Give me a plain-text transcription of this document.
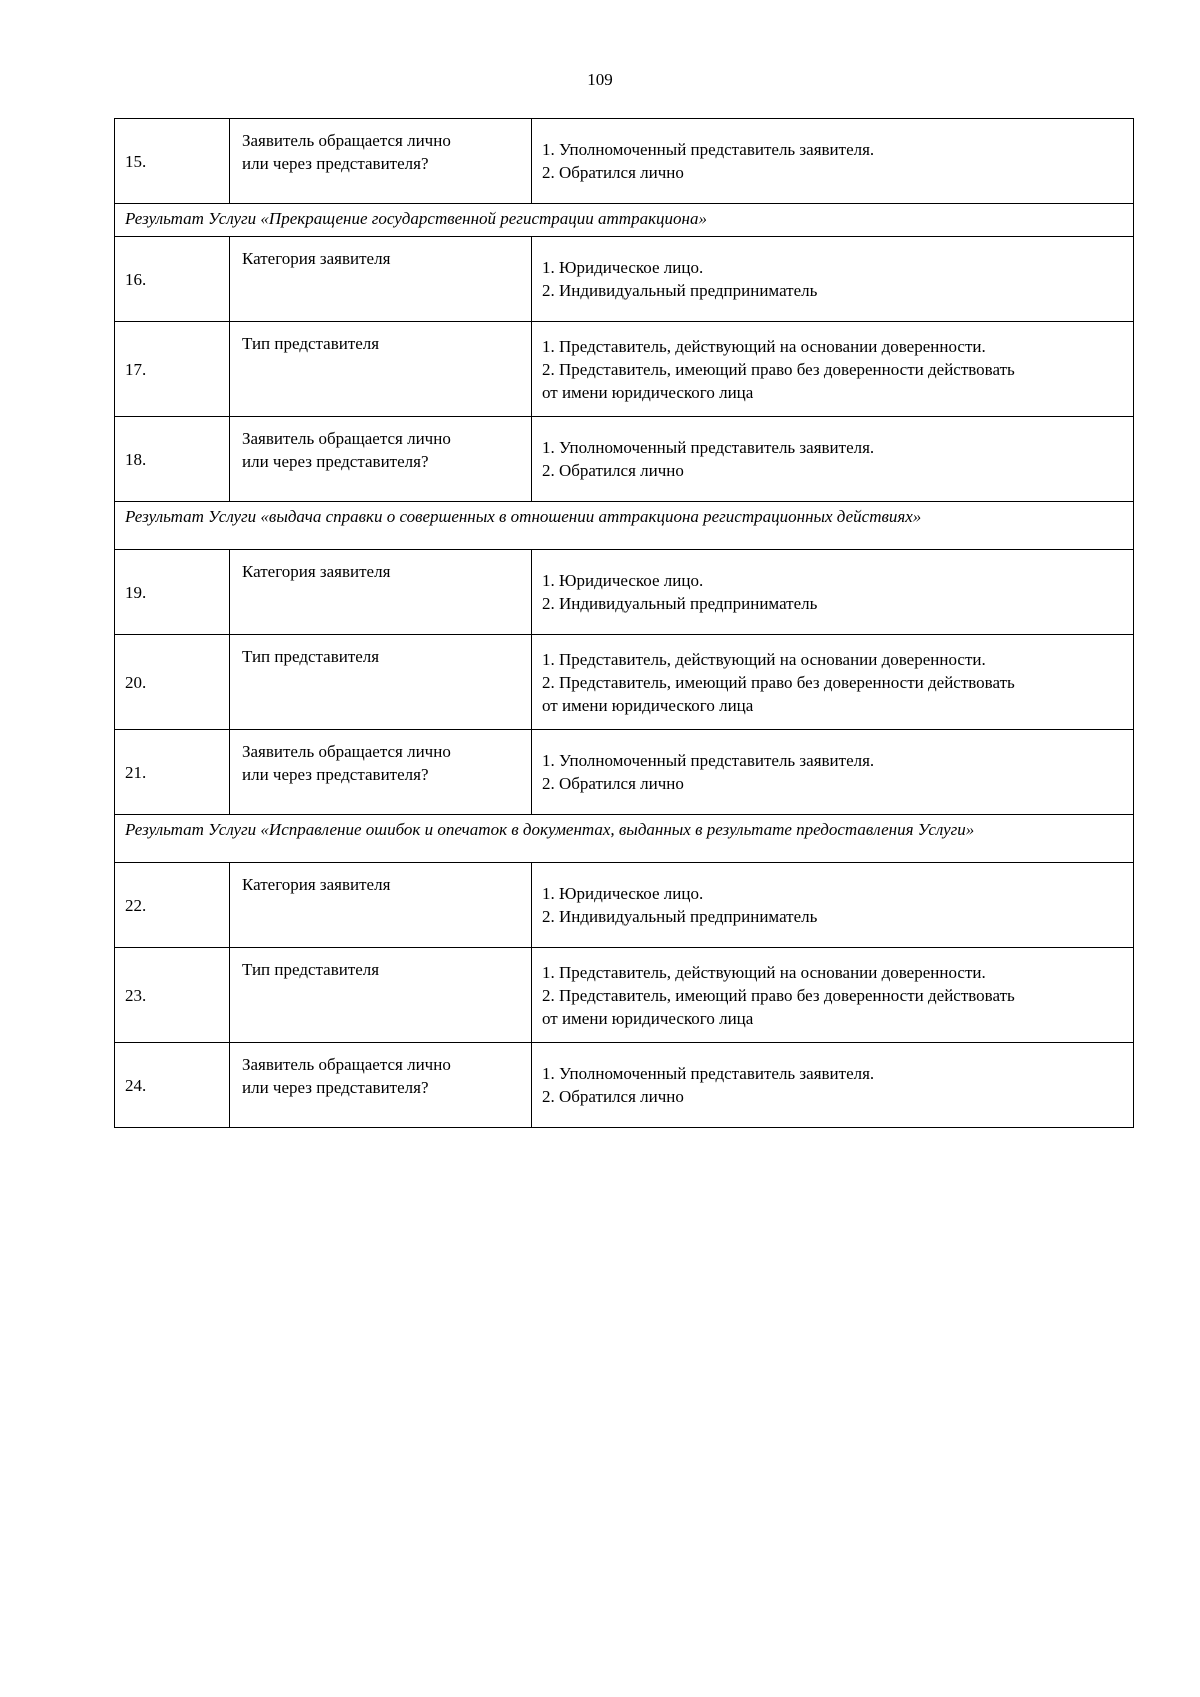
109
15.	Заявитель обращается лично
или через представителя?	1. Уполномоченный представитель заявителя.
2. Обратился лично

Результат Услуги «Прекращение государственной регистрации аттракциона»		
16.	Категория заявителя	1. Юридическое лицо.
2. Индивидуальный предприниматель

17.	Тип представителя	1. Представитель, действующий на основании доверенности.
2. Представитель, имеющий право без доверенности действовать
от имени юридического лица

18.	Заявитель обращается лично
или через представителя?	1. Уполномоченный представитель заявителя.
2. Обратился лично

Результат Услуги «выдача справки о совершенных в отношении аттракциона регистрационных действиях»		
19.	Категория заявителя	1. Юридическое лицо.
2. Индивидуальный предприниматель

20.	Тип представителя	1. Представитель, действующий на основании доверенности.
2. Представитель, имеющий право без доверенности действовать
от имени юридического лица

21.	Заявитель обращается лично
или через представителя?	1. Уполномоченный представитель заявителя.
2. Обратился лично

Результат Услуги «Исправление ошибок и опечаток в документах, выданных в результате предоставления Услуги»		
22.	Категория заявителя	1. Юридическое лицо.
2. Индивидуальный предприниматель

23.	Тип представителя	1. Представитель, действующий на основании доверенности.
2. Представитель, имеющий право без доверенности действовать
от имени юридического лица

24.	Заявитель обращается лично
или через представителя?	1. Уполномоченный представитель заявителя.
2. Обратился лично
